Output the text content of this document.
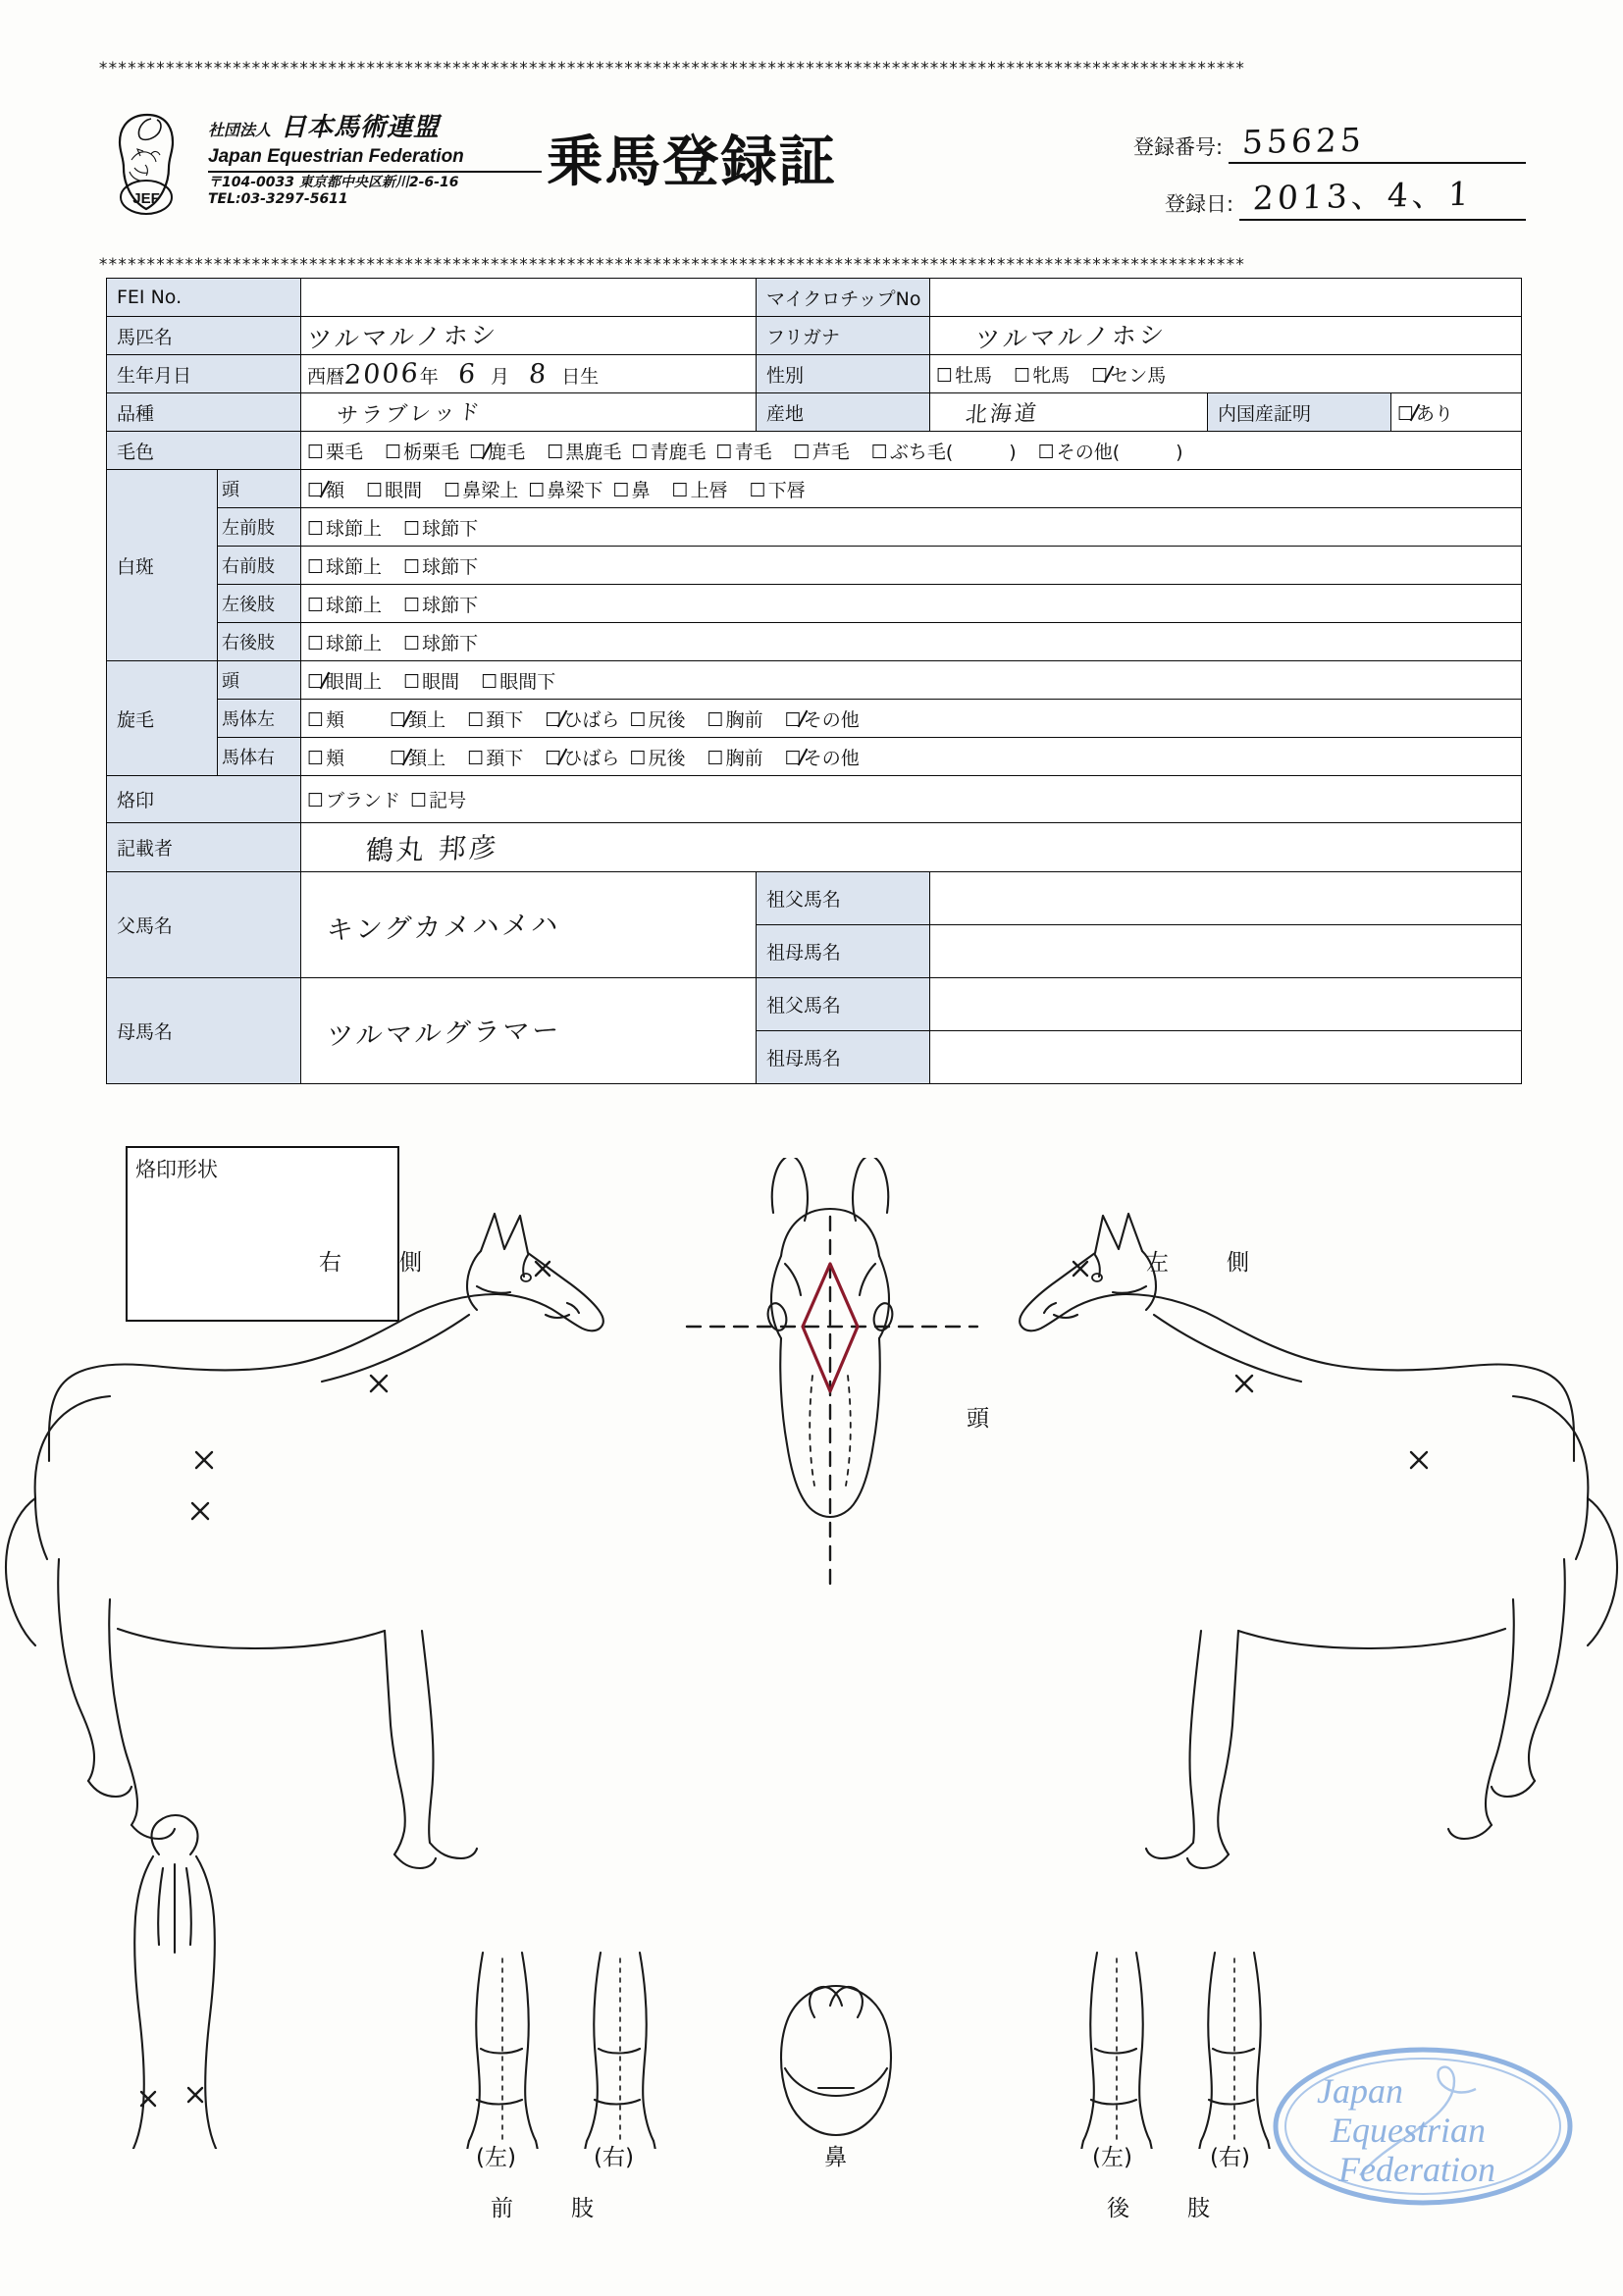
************************************************************************************************************************
JEF
社団法人 日本馬術連盟
Japan Equestrian Federation
〒104-0033 東京都中央区新川2-6-16
TEL:03-3297-5611
乗馬登録証	登録番号: 55625
登録日: 2013、4、1
************************************************************************************************************************
FEI No.			マイクロチップNo			
馬匹名		ツルマルノホシ	フリガナ	ツルマルノホシ		
生年月日		西暦2006年 6 月 8 日生	性別	☐ 牡馬 ☐ 牝馬 ☐ セン馬		
品種		サラブレッド	産地	北海道	内国産証明	☐ あり
毛色		☐ 栗毛 ☐ 栃栗毛 ☐ 鹿毛 ☐ 黒鹿毛 ☐ 青鹿毛 ☐ 青毛 ☐ 芦毛 ☐ ぶち毛(　　　) ☐ その他(　　　)				
白斑	頭	☐ 額 ☐ 眼間 ☐ 鼻梁上 ☐ 鼻梁下 ☐ 鼻 ☐ 上唇 ☐ 下唇				
	左前肢	☐ 球節上 ☐ 球節下				
	右前肢	☐ 球節上 ☐ 球節下				
	左後肢	☐ 球節上 ☐ 球節下				
	右後肢	☐ 球節上 ☐ 球節下				
旋毛	頭	☐ 眼間上 ☐ 眼間 ☐ 眼間下				
	馬体左	☐ 頬 ☐ 頚上 ☐ 頚下 ☐ ひばら ☐ 尻後 ☐ 胸前 ☐ その他				
	馬体右	☐ 頬 ☐ 頚上 ☐ 頚下 ☐ ひばら ☐ 尻後 ☐ 胸前 ☐ その他				
烙印		☐ ブランド ☐ 記号				
記載者		鶴丸 邦彦				
父馬名		キングカメハメハ	祖父馬名			
			祖母馬名			
母馬名		ツルマルグラマー	祖父馬名			
			祖母馬名			
烙印形状
右　側	左　側
頭
(左)	(右)
前　肢
鼻	(左)	(右)
後　肢
Japan
Equestrian
Federation
